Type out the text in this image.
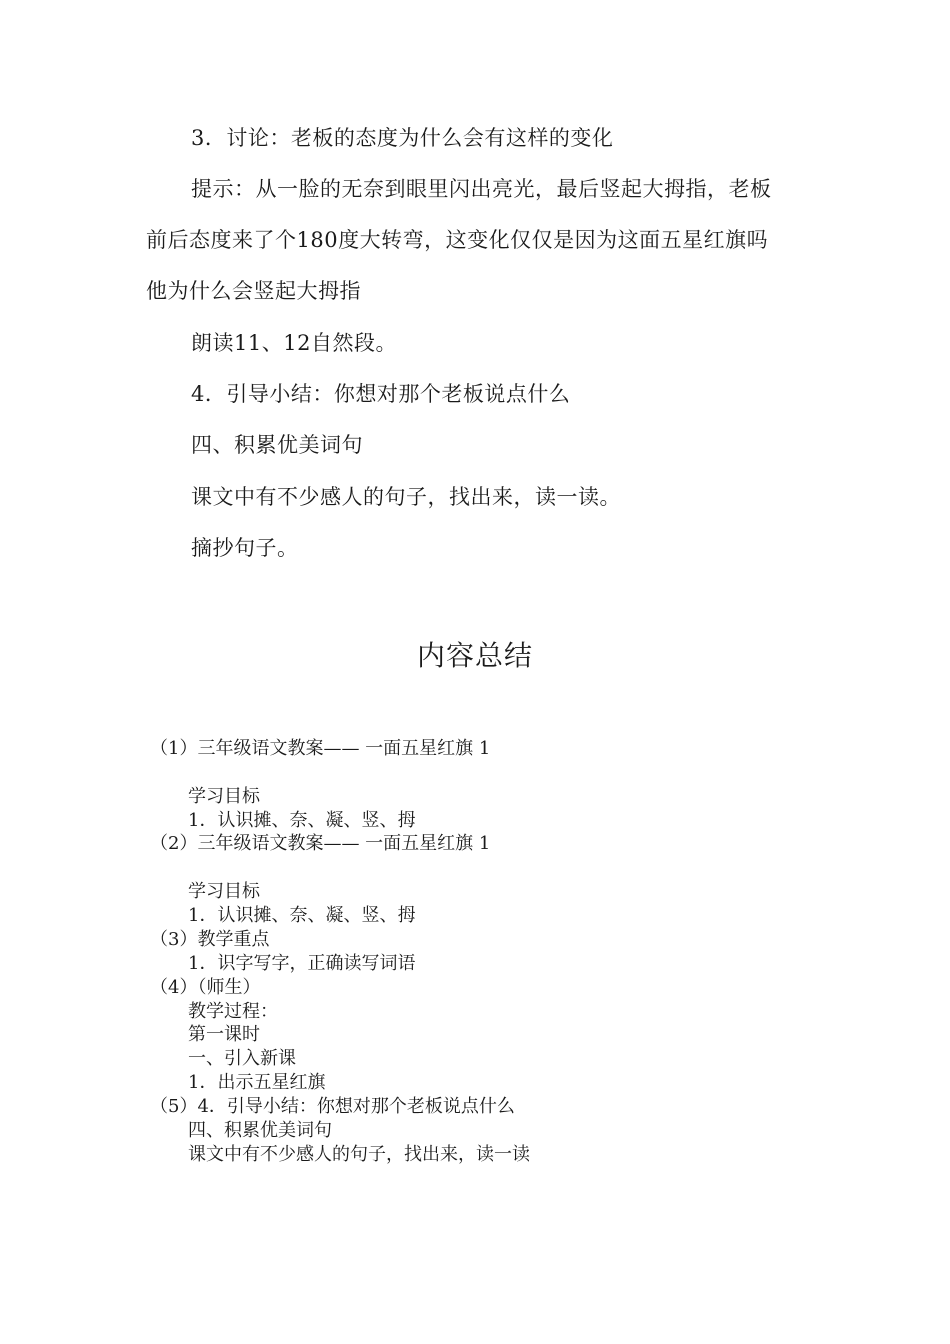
3．讨论：老板的态度为什么会有这样的变化
提示：从一脸的无奈到眼里闪出亮光，最后竖起大拇指，老板
前后态度来了个180度大转弯，这变化仅仅是因为这面五星红旗吗
他为什么会竖起大拇指
朗读11、12自然段。
4．引导小结：你想对那个老板说点什么
四、积累优美词句
课文中有不少感人的句子，找出来，读一读。
摘抄句子。
内容总结
（1）三年级语文教案—— 一面五星红旗 1
学习目标
1．认识摊、奈、凝、竖、拇
（2）三年级语文教案—— 一面五星红旗 1
学习目标
1．认识摊、奈、凝、竖、拇
（3）教学重点
1．识字写字，正确读写词语
（4）（师生）
教学过程：
第一课时
一、引入新课
1．出示五星红旗
（5）4．引导小结：你想对那个老板说点什么
四、积累优美词句
课文中有不少感人的句子，找出来，读一读
